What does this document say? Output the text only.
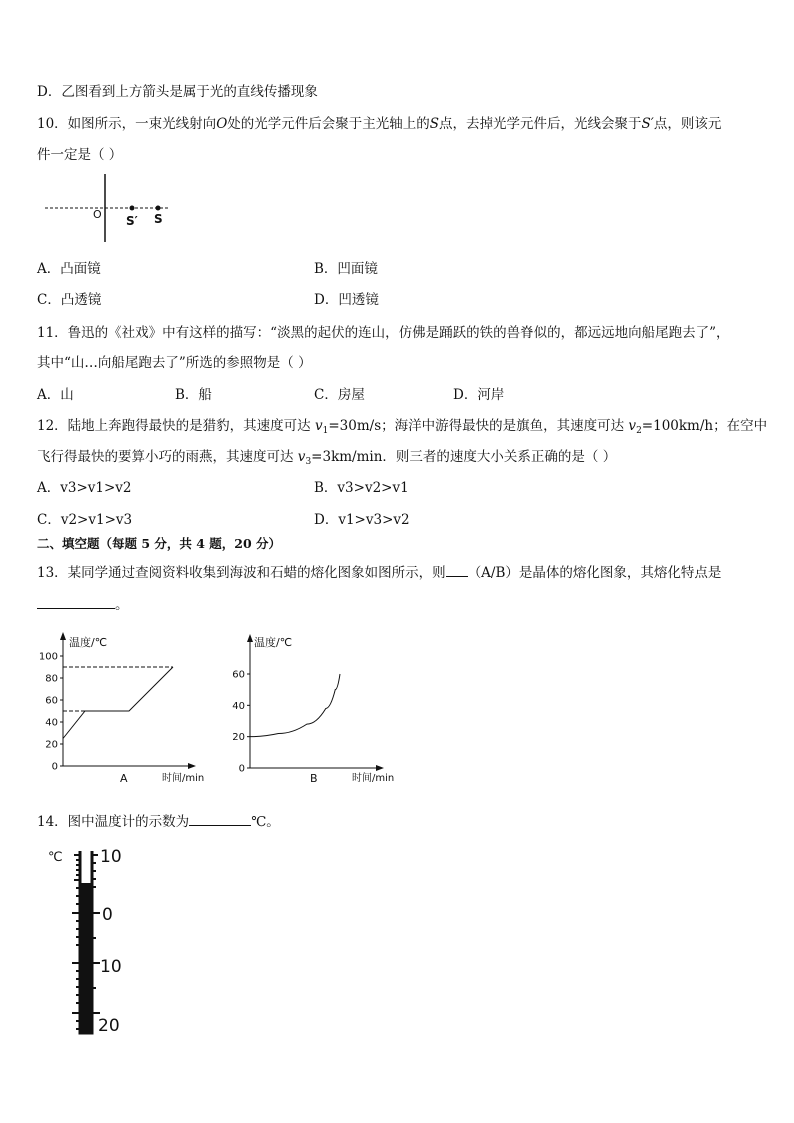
D．乙图看到上方箭头是属于光的直线传播现象
10．如图所示，一束光线射向O处的光学元件后会聚于主光轴上的S点，去掉光学元件后，光线会聚于S′点，则该元
件一定是（ ）
O S′ S
A．凸面镜	B．凹面镜
C．凸透镜	D．凹透镜
11．鲁迅的《社戏》中有这样的描写：“淡黑的起伏的连山，仿佛是踊跃的铁的兽脊似的，都远远地向船尾跑去了”，
其中“山…向船尾跑去了”所选的参照物是（ ）
A．山	B．船	C．房屋	D．河岸
12．陆地上奔跑得最快的是猎豹，其速度可达 $v_1=30m/s$；海洋中游得最快的是旗鱼，其速度可达 $v_2=100km/h$；在空中
飞行得最快的要算小巧的雨燕，其速度可达 $v_3=3km/\min$．则三者的速度大小关系正确的是（ ）
A．v3>v1>v2	B．v3>v2>v1
C．v2>v1>v3	D．v1>v3>v2
二、填空题（每题 5 分，共 4 题，20 分）
13．某同学通过查阅资料收集到海波和石蜡的熔化图象如图所示，则 （A/B）是晶体的熔化图象，其熔化特点是
。
温度/℃
时间/min
A
0
20
40
60
80
100
温度/℃
时间/min
B
0
20
40
60
14．图中温度计的示数为	℃。
℃ 10
0
10
20
